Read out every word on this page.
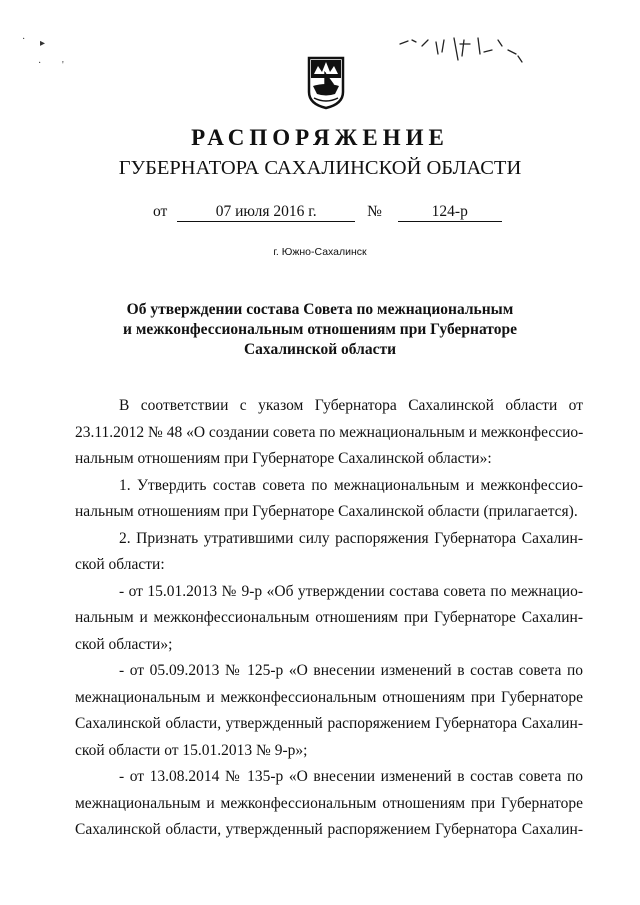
· ▸
· '
РАСПОРЯЖЕНИЕ
ГУБЕРНАТОРА САХАЛИНСКОЙ ОБЛАСТИ
от	07 июля 2016 г.	№	124-р
г. Южно-Сахалинск
Об утверждении состава Совета по межнациональным
и межконфессиональным отношениям при Губернаторе
Сахалинской области
В соответствии с указом Губернатора Сахалинской области от
23.11.2012 № 48 «О создании совета по межнациональным и межконфессио-
нальным отношениям при Губернаторе Сахалинской области»:
1. Утвердить состав совета по межнациональным и межконфессио-
нальным отношениям при Губернаторе Сахалинской области (прилагается).
2. Признать утратившими силу распоряжения Губернатора Сахалин-
ской области:
- от 15.01.2013 № 9-р «Об утверждении состава совета по межнацио-
нальным и межконфессиональным отношениям при Губернаторе Сахалин-
ской области»;
- от 05.09.2013 № 125-р «О внесении изменений в состав совета по
межнациональным и межконфессиональным отношениям при Губернаторе
Сахалинской области, утвержденный распоряжением Губернатора Сахалин-
ской области от 15.01.2013 № 9-р»;
- от 13.08.2014 № 135-р «О внесении изменений в состав совета по
межнациональным и межконфессиональным отношениям при Губернаторе
Сахалинской области, утвержденный распоряжением Губернатора Сахалин-
